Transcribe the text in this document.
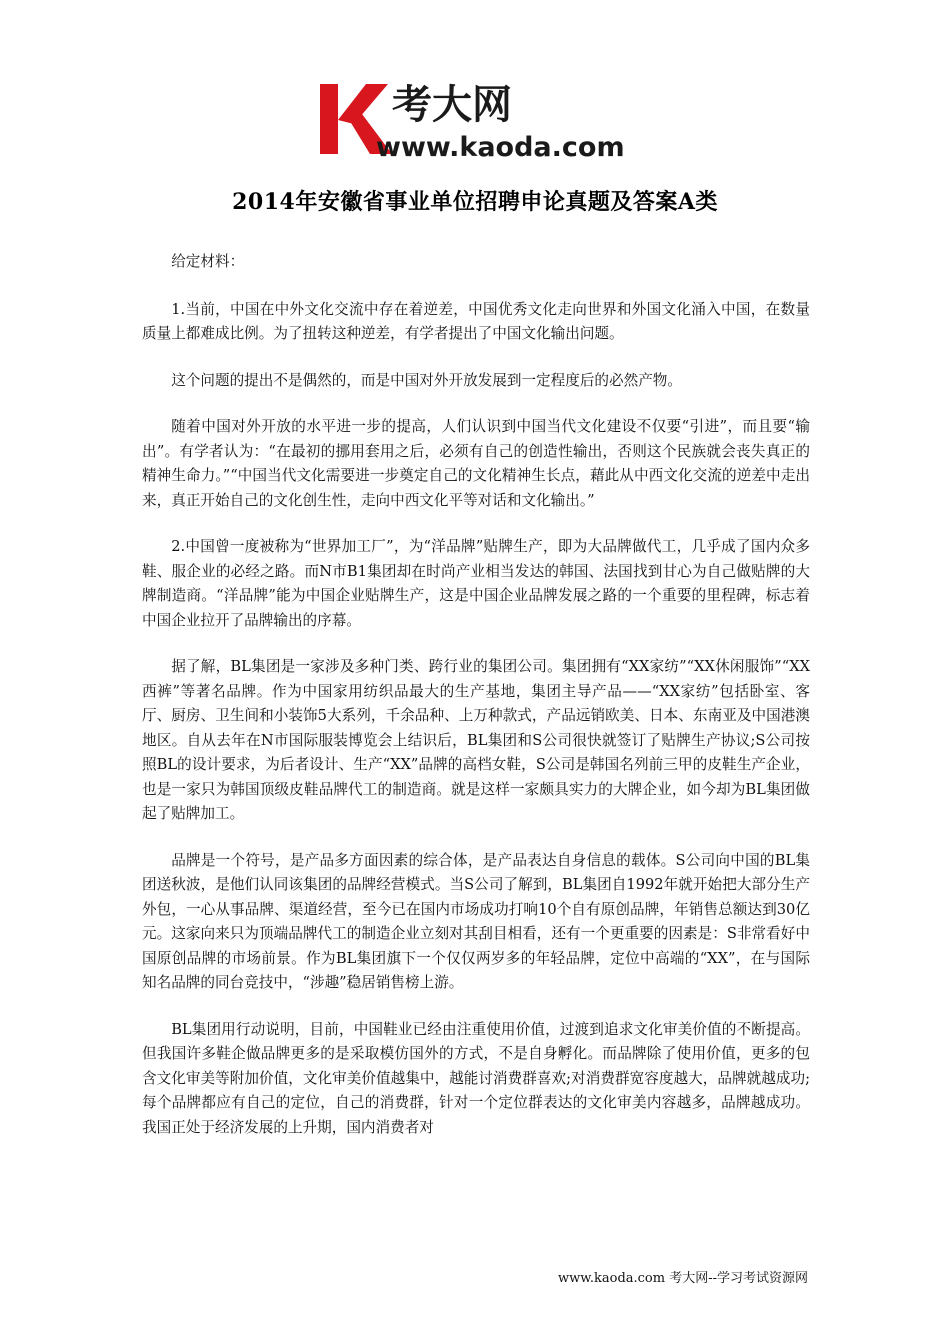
考大网
www.kaoda.com
2014年安徽省事业单位招聘申论真题及答案A类

给定材料：

1.当前，中国在中外文化交流中存在着逆差，中国优秀文化走向世界和外国文化涌入中国，在数量质量上都难成比例。为了扭转这种逆差，有学者提出了中国文化输出问题。

这个问题的提出不是偶然的，而是中国对外开放发展到一定程度后的必然产物。

随着中国对外开放的水平进一步的提高，人们认识到中国当代文化建设不仅要“引进”，而且要“输出”。有学者认为：“在最初的挪用套用之后，必须有自己的创造性输出，否则这个民族就会丧失真正的精神生命力。”“中国当代文化需要进一步奠定自己的文化精神生长点，藉此从中西文化交流的逆差中走出来，真正开始自己的文化创生性，走向中西文化平等对话和文化输出。”

2.中国曾一度被称为“世界加工厂”，为“洋品牌”贴牌生产，即为大品牌做代工，几乎成了国内众多鞋、服企业的必经之路。而N市B1集团却在时尚产业相当发达的韩国、法国找到甘心为自己做贴牌的大牌制造商。“洋品牌”能为中国企业贴牌生产，这是中国企业品牌发展之路的一个重要的里程碑，标志着中国企业拉开了品牌输出的序幕。

据了解，BL集团是一家涉及多种门类、跨行业的集团公司。集团拥有“XX家纺”“XX休闲服饰”“XX西裤”等著名品牌。作为中国家用纺织品最大的生产基地，集团主导产品——“XX家纺”包括卧室、客厅、厨房、卫生间和小装饰5大系列，千余品种、上万种款式，产品远销欧美、日本、东南亚及中国港澳地区。自从去年在N市国际服装博览会上结识后，BL集团和S公司很快就签订了贴牌生产协议;S公司按照BL的设计要求，为后者设计、生产“XX”品牌的高档女鞋，S公司是韩国名列前三甲的皮鞋生产企业，也是一家只为韩国顶级皮鞋品牌代工的制造商。就是这样一家颇具实力的大牌企业，如今却为BL集团做起了贴牌加工。

品牌是一个符号，是产品多方面因素的综合体，是产品表达自身信息的载体。S公司向中国的BL集团送秋波，是他们认同该集团的品牌经营模式。当S公司了解到，BL集团自1992年就开始把大部分生产外包，一心从事品牌、渠道经营，至今已在国内市场成功打响10个自有原创品牌，年销售总额达到30亿元。这家向来只为顶端品牌代工的制造企业立刻对其刮目相看，还有一个更重要的因素是：S非常看好中国原创品牌的市场前景。作为BL集团旗下一个仅仅两岁多的年轻品牌，定位中高端的“XX”，在与国际知名品牌的同台竞技中，“涉趣”稳居销售榜上游。

BL集团用行动说明，目前，中国鞋业已经由注重使用价值，过渡到追求文化审美价值的不断提高。但我国许多鞋企做品牌更多的是采取模仿国外的方式，不是自身孵化。而品牌除了使用价值，更多的包含文化审美等附加价值，文化审美价值越集中，越能讨消费群喜欢;对消费群宽容度越大，品牌就越成功;每个品牌都应有自己的定位，自己的消费群，针对一个定位群表达的文化审美内容越多，品牌越成功。我国正处于经济发展的上升期，国内消费者对

www.kaoda.com 考大网--学习考试资源网
